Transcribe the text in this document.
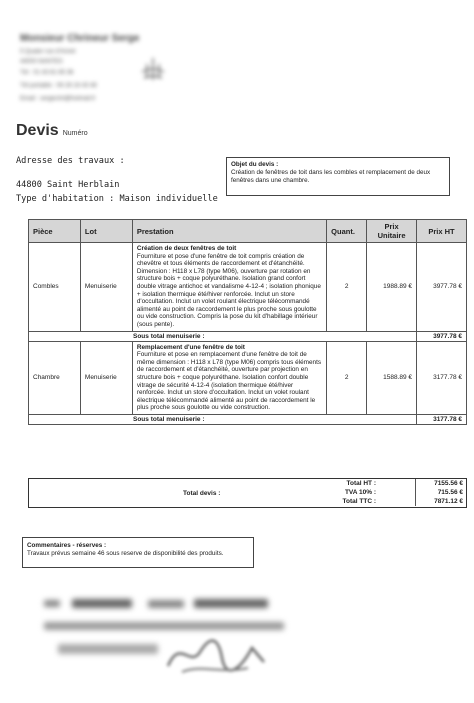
Monsieur Chrineur Serge
5 Quater rue d'Annet
44000 NANTES
Tél : 01 43 81 65 36
Tél portable : 06 28 16 43 48
Email : sergechri@hotmail.fr
Devis Numéro
Adresse des travaux :
44800 Saint Herblain
Type d'habitation : Maison individuelle
Objet du devis :
Création de fenêtres de toit dans les combles et remplacement de deux fenêtres dans une chambre.
Pièce	Lot	Prestation	Quant.	Prix Unitaire	Prix HT
Combles	Menuiserie	Création de deux fenêtres de toit
Fourniture et pose d'une fenêtre de toit compris création de chevêtre et tous éléments de raccordement et d'étanchéité. Dimension : H118 x L78 (type M06), ouverture par rotation en structure bois + coque polyuréthane. Isolation grand confort double vitrage antichoc et vandalisme 4-12-4 ; isolation phonique + isolation thermique été/hiver renforcée. Inclut un store d'occultation. Inclut un volet roulant électrique télécommandé alimenté au point de raccordement le plus proche sous goulotte ou vide construction. Compris la pose du kit d'habillage intérieur (sous pente).	2	1988.89 €	3977.78 €
Sous total menuiserie :					3977.78 €
Chambre	Menuiserie	Remplacement d'une fenêtre de toit
Fourniture et pose en remplacement d'une fenêtre de toit de même dimension : H118 x L78 (type M06) compris tous éléments de raccordement et d'étanchéité, ouverture par projection en structure bois + coque polyuréthane. Isolation confort double vitrage de sécurité 4-12-4 (isolation thermique été/hiver renforcée. Inclut un store d'occultation. Inclut un volet roulant électrique télécommandé alimenté au point de raccordement le plus proche sous goulotte ou vide construction.	2	1588.89 €	3177.78 €
Sous total menuiserie :					3177.78 €
Total devis :
Total HT :	7155.56 €
TVA 10% :	715.56 €
Total TTC :	7871.12 €
Commentaires - réserves :
Travaux prévus semaine 46 sous reserve de disponibilité des produits.
